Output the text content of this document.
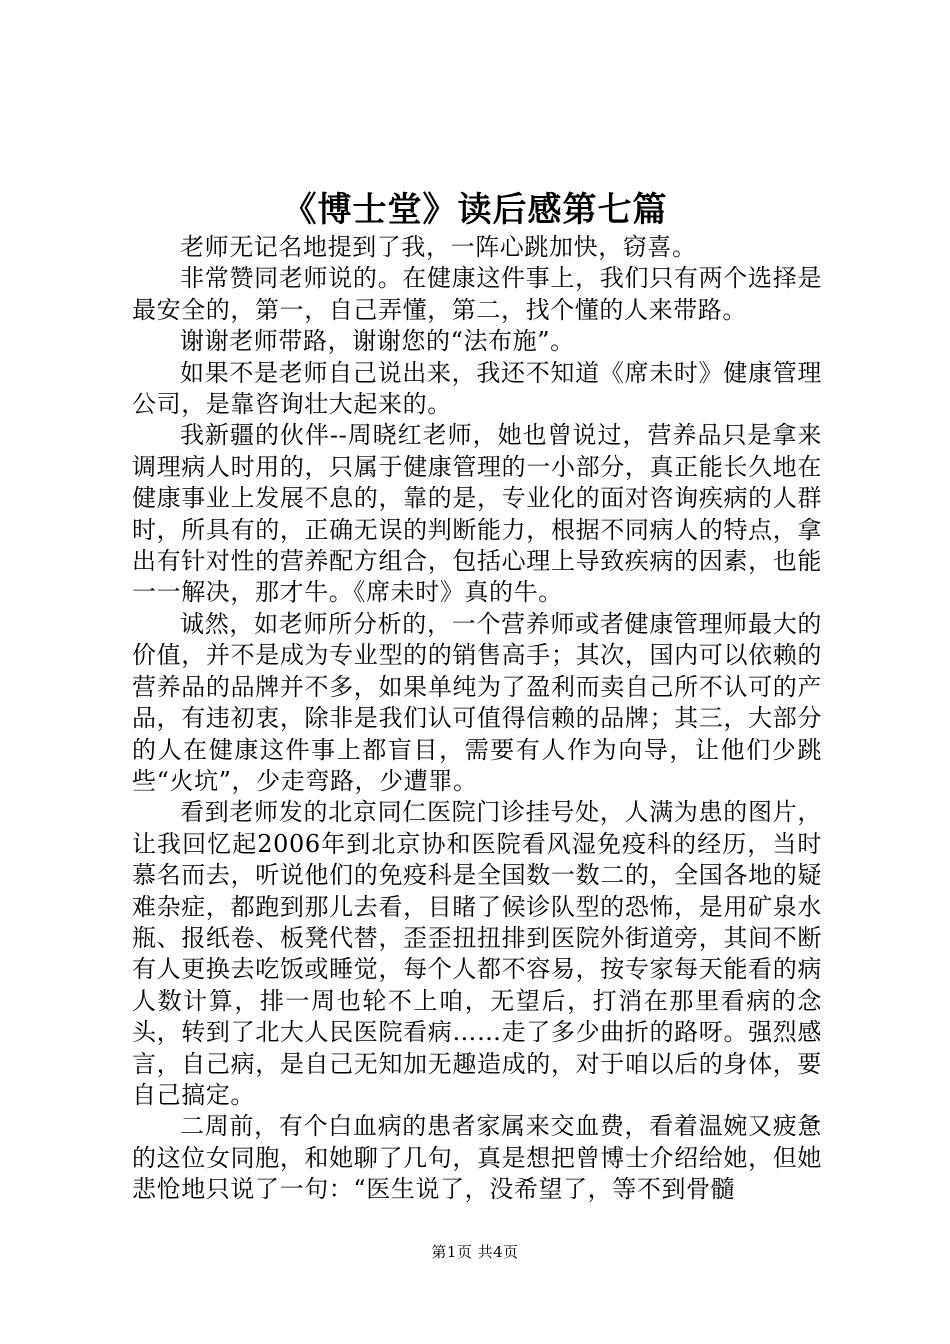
《博士堂》读后感第七篇

老师无记名地提到了我，一阵心跳加快，窃喜。

非常赞同老师说的。在健康这件事上，我们只有两个选择是最安全的，第一，自己弄懂，第二，找个懂的人来带路。

谢谢老师带路，谢谢您的“法布施”。

如果不是老师自己说出来，我还不知道《席未时》健康管理公司，是靠咨询壮大起来的。

我新疆的伙伴--周晓红老师，她也曾说过，营养品只是拿来调理病人时用的，只属于健康管理的一小部分，真正能长久地在健康事业上发展不息的，靠的是，专业化的面对咨询疾病的人群时，所具有的，正确无误的判断能力，根据不同病人的特点，拿出有针对性的营养配方组合，包括心理上导致疾病的因素，也能一一解决，那才牛。《席未时》真的牛。

诚然，如老师所分析的，一个营养师或者健康管理师最大的价值，并不是成为专业型的的销售高手；其次，国内可以依赖的营养品的品牌并不多，如果单纯为了盈利而卖自己所不认可的产品，有违初衷，除非是我们认可值得信赖的品牌；其三，大部分的人在健康这件事上都盲目，需要有人作为向导，让他们少跳些“火坑”，少走弯路，少遭罪。

看到老师发的北京同仁医院门诊挂号处，人满为患的图片，让我回忆起2006年到北京协和医院看风湿免疫科的经历，当时慕名而去，听说他们的免疫科是全国数一数二的，全国各地的疑难杂症，都跑到那儿去看，目睹了候诊队型的恐怖，是用矿泉水瓶、报纸卷、板凳代替，歪歪扭扭排到医院外街道旁，其间不断有人更换去吃饭或睡觉，每个人都不容易，按专家每天能看的病人数计算，排一周也轮不上咱，无望后，打消在那里看病的念头，转到了北大人民医院看病……走了多少曲折的路呀。强烈感言，自己病，是自己无知加无趣造成的，对于咱以后的身体，要自己搞定。

二周前，有个白血病的患者家属来交血费，看着温婉又疲惫的这位女同胞，和她聊了几句，真是想把曾博士介绍给她，但她悲怆地只说了一句：“医生说了，没希望了，等不到骨髓

第1页 共4页
